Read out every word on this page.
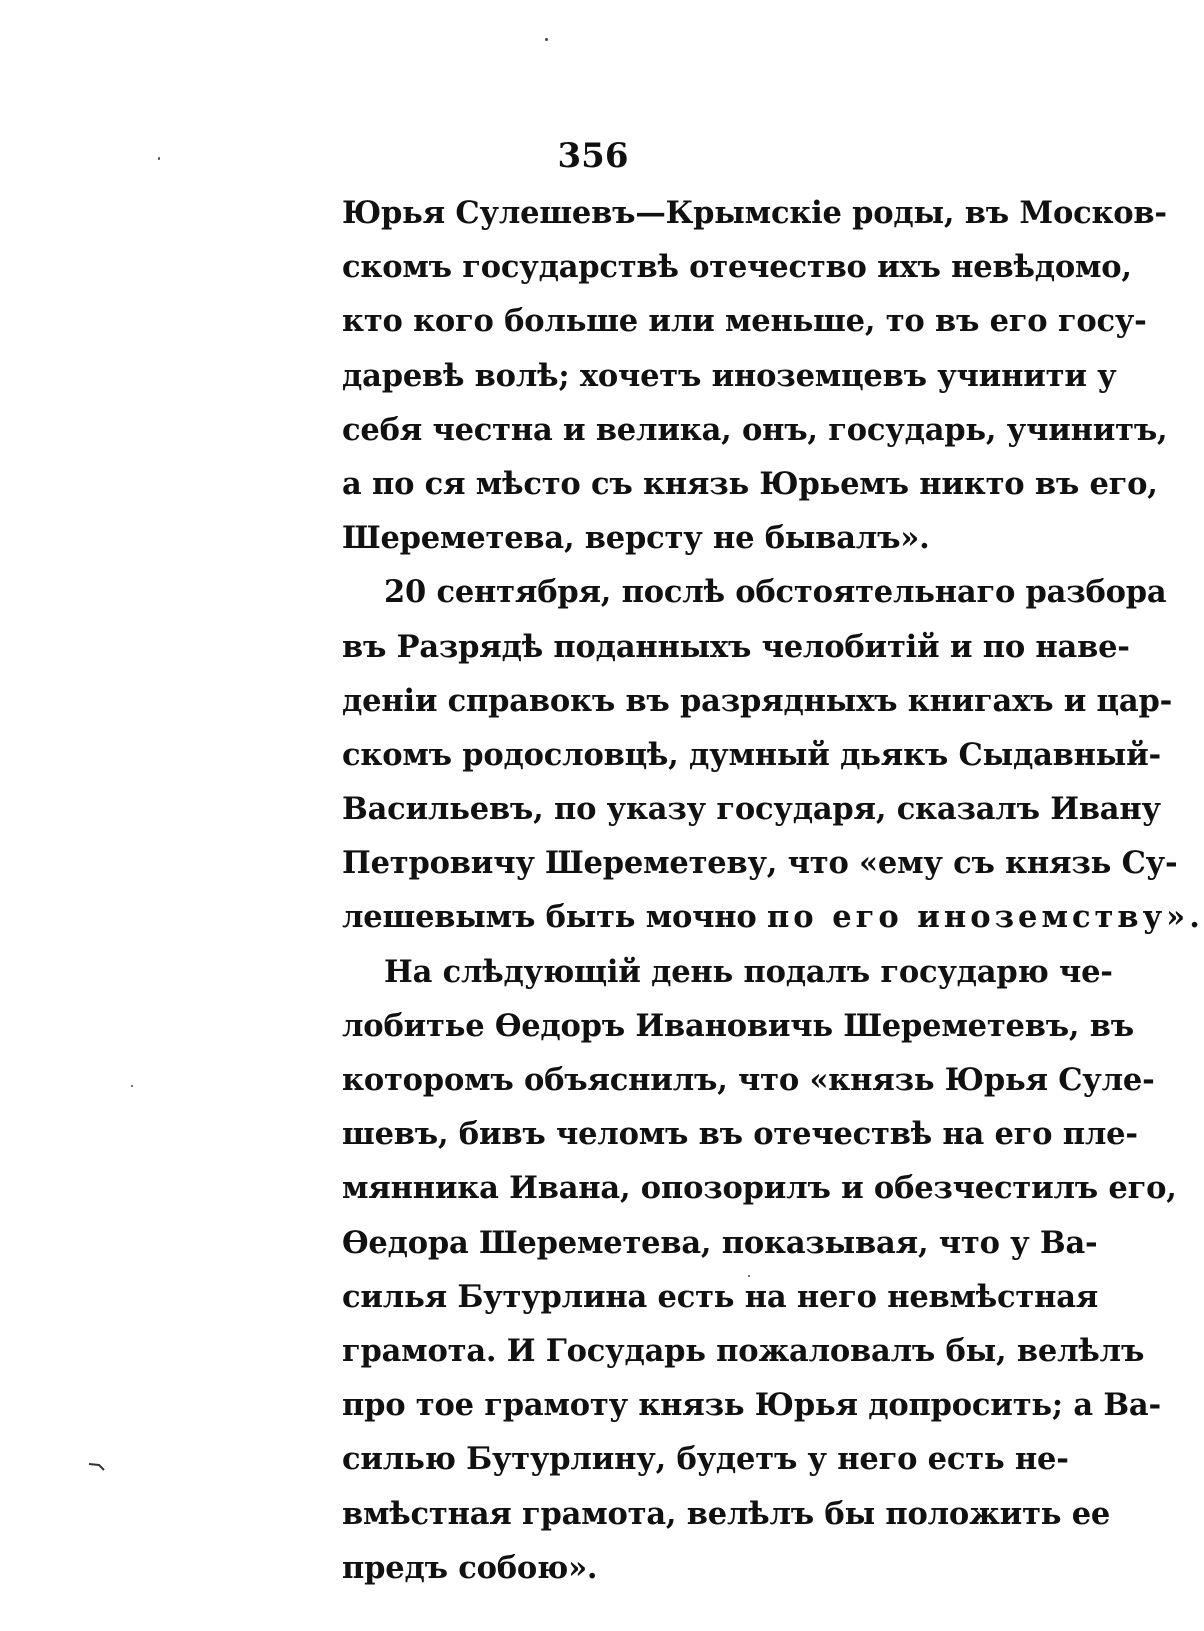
356
Юрья Сулешевъ—Крымскіе роды, въ Москов-
скомъ государствѣ отечество ихъ невѣдомо,
кто кого больше или меньше, то въ его госу-
даревѣ волѣ; хочетъ иноземцевъ учинити у
себя честна и велика, онъ, государь, учинитъ,
а по ся мѣсто съ князь Юрьемъ никто въ его,
Шереметева, версту не бывалъ».
20 сентября, послѣ обстоятельнаго разбора
въ Разрядѣ поданныхъ челобитій и по наве-
деніи справокъ въ разрядныхъ книгахъ и цар-
скомъ родословцѣ, думный дьякъ Сыдавный-
Васильевъ, по указу государя, сказалъ Ивану
Петровичу Шереметеву, что «ему съ князь Су-
лешевымъ быть мочно по его иноземству».
На слѣдующій день подалъ государю че-
лобитье Ѳедоръ Ивановичь Шереметевъ, въ
которомъ объяснилъ, что «князь Юрья Суле-
шевъ, бивъ челомъ въ отечествѣ на его пле-
мянника Ивана, опозорилъ и обезчестилъ его,
Ѳедора Шереметева, показывая, что у Ва-
силья Бутурлина есть на него невмѣстная
грамота. И Государь пожаловалъ бы, велѣлъ
про тое грамоту князь Юрья допросить; а Ва-
силью Бутурлину, будетъ у него есть не-
вмѣстная грамота, велѣлъ бы положить ее
предъ собою».
